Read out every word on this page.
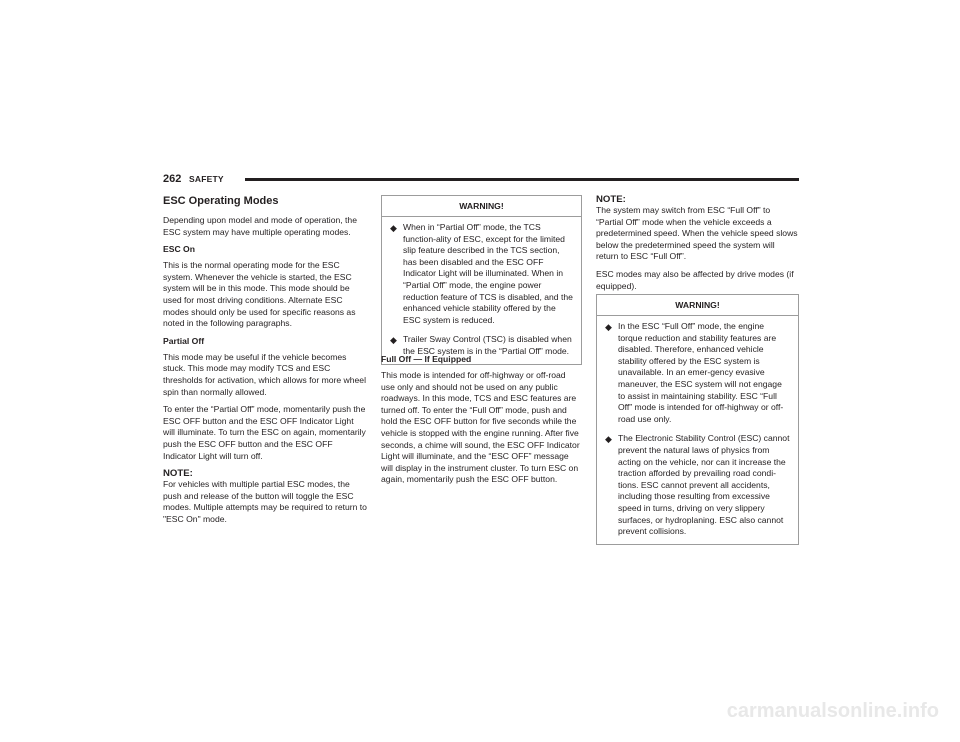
262 SAFETY
ESC Operating Modes

Depending upon model and mode of operation, the ESC system may have multiple operating modes.

ESC On

This is the normal operating mode for the ESC system. Whenever the vehicle is started, the ESC system will be in this mode. This mode should be used for most driving conditions. Alternate ESC modes should only be used for specific reasons as noted in the following paragraphs.

Partial Off

This mode may be useful if the vehicle becomes stuck. This mode may modify TCS and ESC thresholds for activation, which allows for more wheel spin than normally allowed.

To enter the “Partial Off” mode, momentarily push the ESC OFF button and the ESC OFF Indicator Light will illuminate. To turn the ESC on again, momentarily push the ESC OFF button and the ESC OFF Indicator Light will turn off.

NOTE:

For vehicles with multiple partial ESC modes, the push and release of the button will toggle the ESC modes. Multiple attempts may be required to return to "ESC On" mode.

WARNING!
◆ When in “Partial Off” mode, the TCS function-ality of ESC, except for the limited slip feature described in the TCS section, has been disabled and the ESC OFF Indicator Light will be illuminated. When in “Partial Off” mode, the engine power reduction feature of TCS is disabled, and the enhanced vehicle stability offered by the ESC system is reduced.
◆ Trailer Sway Control (TSC) is disabled when the ESC system is in the “Partial Off” mode.
Full Off — If Equipped

This mode is intended for off-highway or off-road use only and should not be used on any public roadways. In this mode, TCS and ESC features are turned off. To enter the “Full Off” mode, push and hold the ESC OFF button for five seconds while the vehicle is stopped with the engine running. After five seconds, a chime will sound, the ESC OFF Indicator Light will illuminate, and the “ESC OFF” message will display in the instrument cluster. To turn ESC on again, momentarily push the ESC OFF button.

NOTE:

The system may switch from ESC “Full Off” to “Partial Off” mode when the vehicle exceeds a predetermined speed. When the vehicle speed slows below the predetermined speed the system will return to ESC “Full Off”.

ESC modes may also be affected by drive modes (if equipped).

WARNING!
◆ In the ESC “Full Off” mode, the engine torque reduction and stability features are disabled. Therefore, enhanced vehicle stability offered by the ESC system is unavailable. In an emer-gency evasive maneuver, the ESC system will not engage to assist in maintaining stability. ESC “Full Off” mode is intended for off-highway or off-road use only.
◆ The Electronic Stability Control (ESC) cannot prevent the natural laws of physics from acting on the vehicle, nor can it increase the traction afforded by prevailing road condi-tions. ESC cannot prevent all accidents, including those resulting from excessive speed in turns, driving on very slippery surfaces, or hydroplaning. ESC also cannot prevent collisions.
carmanualsonline.info
